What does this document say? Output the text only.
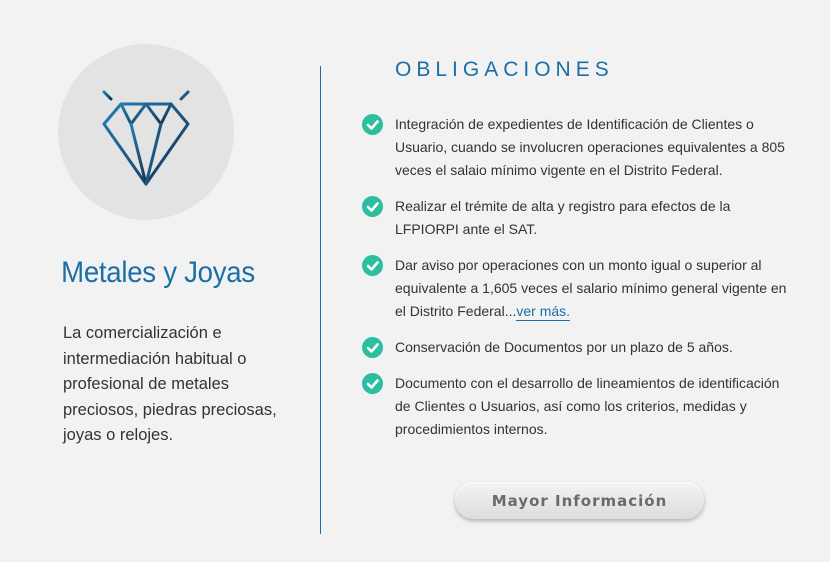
Metales y Joyas

La comercialización e intermediación habitual o profesional de metales preciosos, piedras preciosas, joyas o relojes.

OBLIGACIONES
Integración de expedientes de Identificación de Clientes o Usuario, cuando se involucren operaciones equivalentes a 805 veces el salaio mínimo vigente en el Distrito Federal.
Realizar el trémite de alta y registro para efectos de la LFPIORPI ante el SAT.
Dar aviso por operaciones con un monto igual o superior al equivalente a 1,605 veces el salario mínimo general vigente en el Distrito Federal...ver más.
Conservación de Documentos por un plazo de 5 años.
Documento con el desarrollo de lineamientos de identificación de Clientes o Usuarios, así como los criterios, medidas y procedimientos internos.
Mayor Información
